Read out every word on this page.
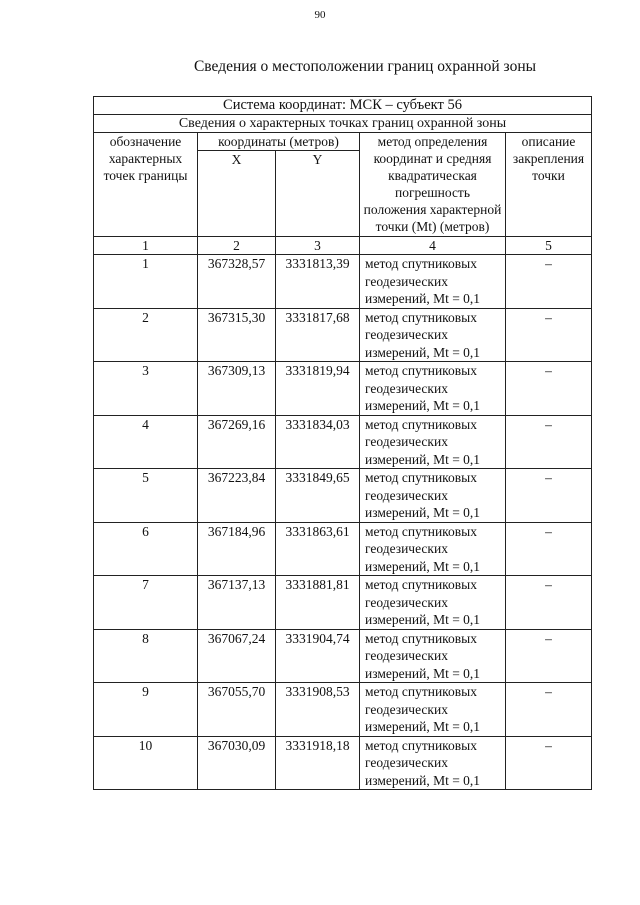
90
Сведения о местоположении границ охранной зоны
Система координат: МСК – субъект 56				
Сведения о характерных точках границ охранной зоны				
обозначение характерных точек границы	координаты (метров)		метод определения координат и средняя квадратическая погрешность положения характерной точки (Mt) (метров)	описание закрепления точки
	X	Y		
1	2	3	4	5
1	367328,57	3331813,39	метод спутниковых геодезических измерений, Mt = 0,1	–
2	367315,30	3331817,68	метод спутниковых геодезических измерений, Mt = 0,1	–
3	367309,13	3331819,94	метод спутниковых геодезических измерений, Mt = 0,1	–
4	367269,16	3331834,03	метод спутниковых геодезических измерений, Mt = 0,1	–
5	367223,84	3331849,65	метод спутниковых геодезических измерений, Mt = 0,1	–
6	367184,96	3331863,61	метод спутниковых геодезических измерений, Mt = 0,1	–
7	367137,13	3331881,81	метод спутниковых геодезических измерений, Mt = 0,1	–
8	367067,24	3331904,74	метод спутниковых геодезических измерений, Mt = 0,1	–
9	367055,70	3331908,53	метод спутниковых геодезических измерений, Mt = 0,1	–
10	367030,09	3331918,18	метод спутниковых геодезических измерений, Mt = 0,1	–
